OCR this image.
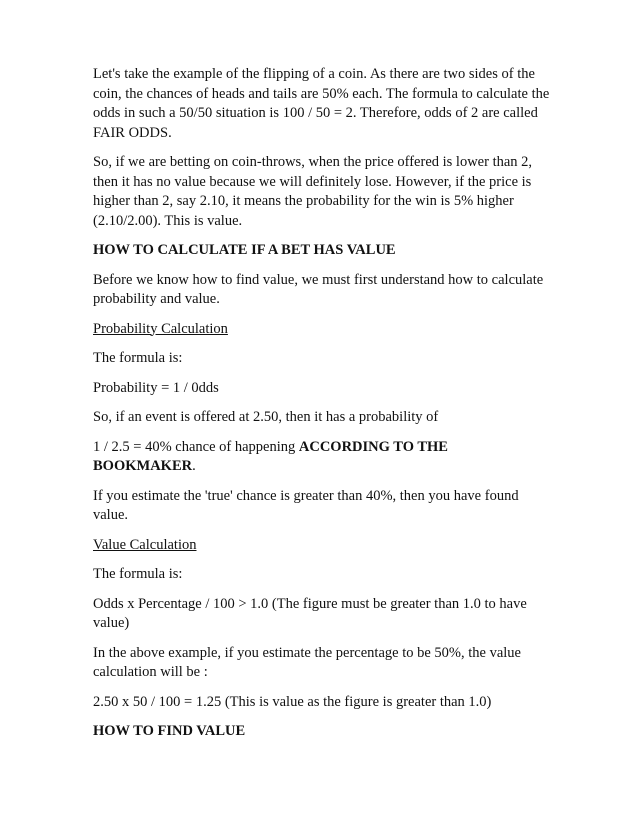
Let's take the example of the flipping of a coin. As there are two sides of the coin, the chances of heads and tails are 50% each. The formula to calculate the odds in such a 50/50 situation is 100 / 50 = 2. Therefore, odds of 2 are called FAIR ODDS.

So, if we are betting on coin-throws, when the price offered is lower than 2, then it has no value because we will definitely lose. However, if the price is higher than 2, say 2.10, it means the probability for the win is 5% higher (2.10/2.00). This is value.

HOW TO CALCULATE IF A BET HAS VALUE

Before we know how to find value, we must first understand how to calculate probability and value.

Probability Calculation

The formula is:

Probability = 1 / 0dds

So, if an event is offered at 2.50, then it has a probability of

1 / 2.5 = 40% chance of happening ACCORDING TO THE BOOKMAKER.

If you estimate the 'true' chance is greater than 40%, then you have found value.

Value Calculation

The formula is:

Odds x Percentage / 100 > 1.0 (The figure must be greater than 1.0 to have value)

In the above example, if you estimate the percentage to be 50%, the value calculation will be :

2.50 x 50 / 100 = 1.25 (This is value as the figure is greater than 1.0)

HOW TO FIND VALUE
